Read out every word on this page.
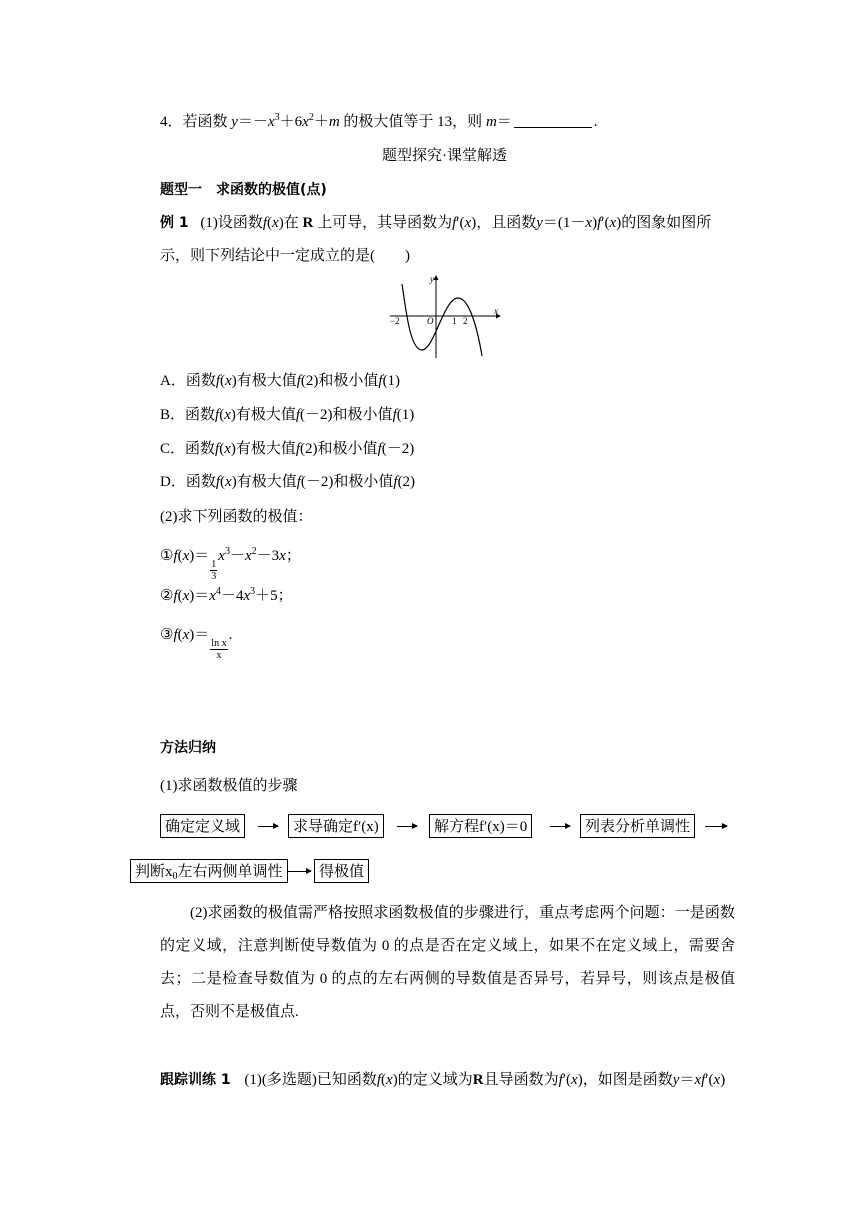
4．若函数 $y=-x^3+6x^2+m$ 的极大值等于 13，则 m＝	.
题型探究·课堂解透
题型一　求函数的极值(点)
例 1 (1)设函数f(x)在 R 上可导，其导函数为f′(x)，且函数y＝(1－x)f′(x)的图象如图所
示，则下列结论中一定成立的是(　　)
y
x
O
−2	1 2
A．函数f(x)有极大值f(2)和极小值f(1)
B．函数f(x)有极大值f(－2)和极小值f(1)
C．函数f(x)有极大值f(2)和极小值f(－2)
D．函数f(x)有极大值f(－2)和极小值f(2)
(2)求下列函数的极值：
①f(x)＝
$\frac{1}{3}$
$x^3-x^2-3x$；
$②f(x)=x^4-4x^3+5$；
③f(x)＝
$\frac{\text{ln x}}{x}$
.
方法归纳
(1)求函数极值的步骤
确定定义域	求导确定f′(x)	解方程f′(x)＝0	列表分析单调性
判断$x_0$左右两侧单调性	得极值
(2)求函数的极值需严格按照求函数极值的步骤进行，重点考虑两个问题：一是函数的定义域，注意判断使导数值为 0 的点是否在定义域上，如果不在定义域上，需要舍去；二是检查导数值为 0 的点的左右两侧的导数值是否异号，若异号，则该点是极值点，否则不是极值点.
跟踪训练 1 (1)(多选题)已知函数f(x)的定义域为R且导函数为f′(x)，如图是函数y＝xf′(x)
